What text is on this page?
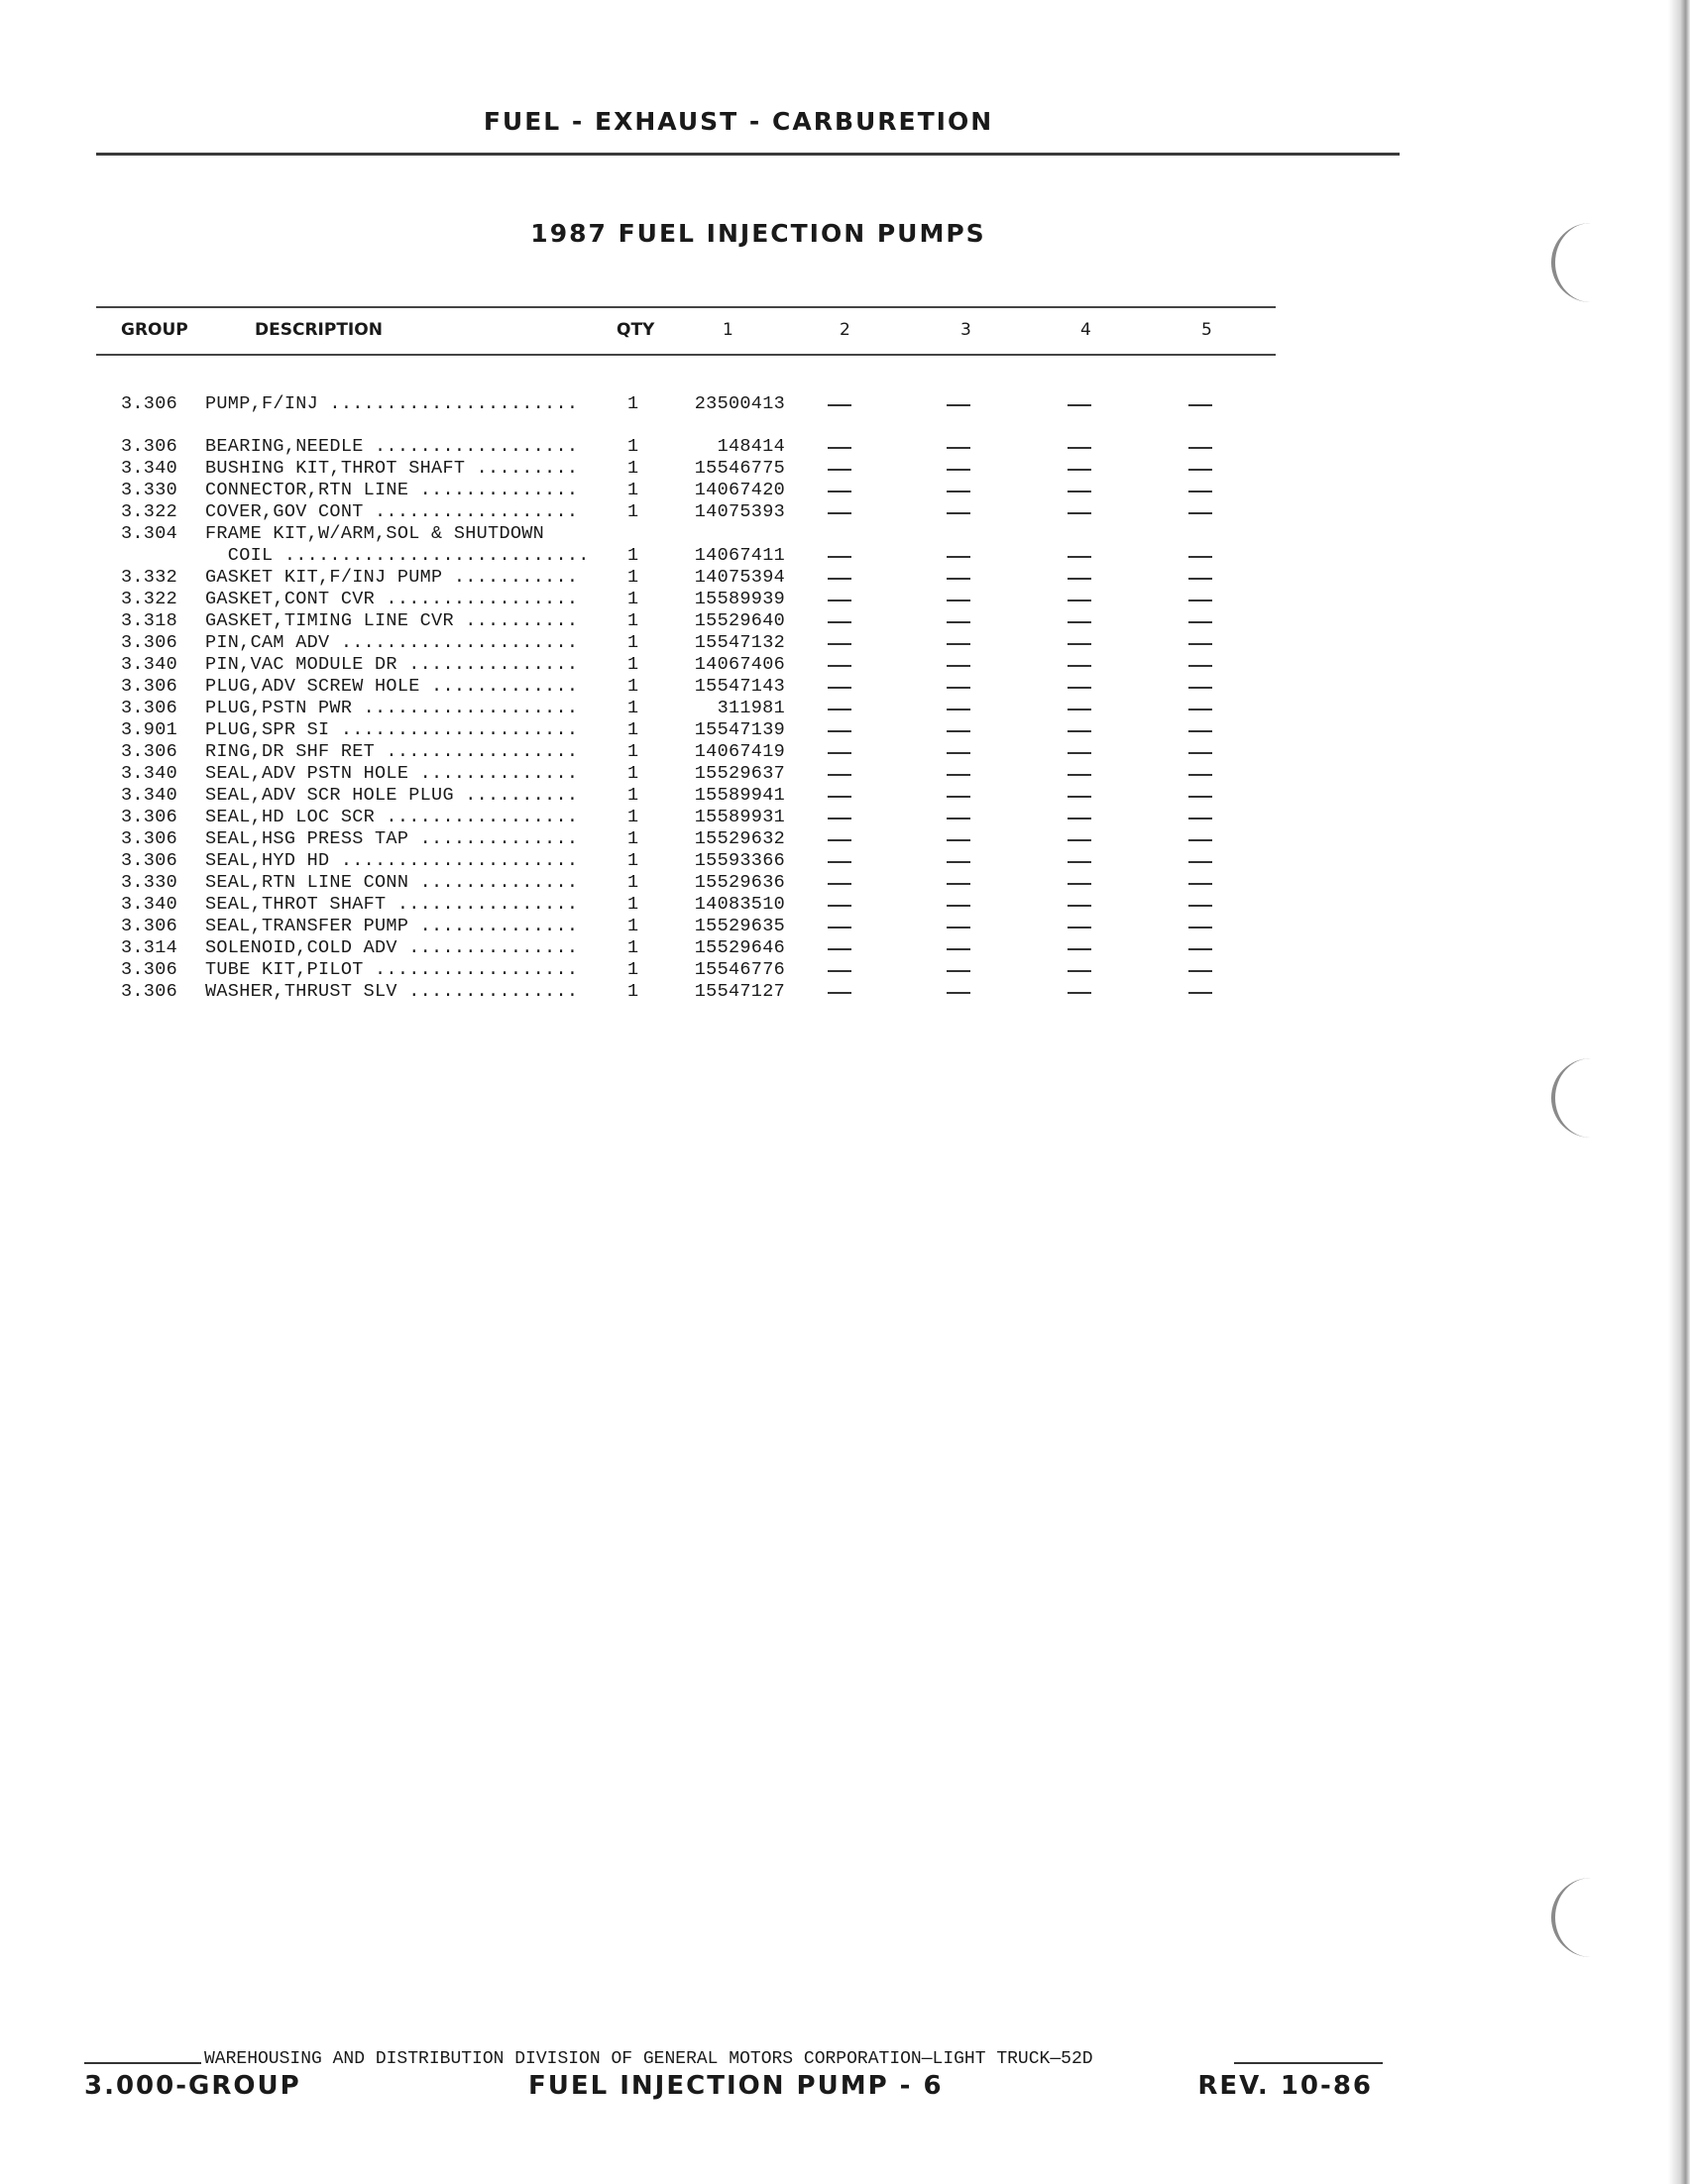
FUEL - EXHAUST - CARBURETION
1987 FUEL INJECTION PUMPS
GROUP	DESCRIPTION	QTY	1	2	3	4	5
3.306 PUMP,F/INJ ......................	1	23500413
3.306 BEARING,NEEDLE ..................	1	148414
3.340 BUSHING KIT,THROT SHAFT .........	1	15546775
3.330 CONNECTOR,RTN LINE ..............	1	14067420
3.322 COVER,GOV CONT ..................	1	14075393
3.304 FRAME KIT,W/ARM,SOL & SHUTDOWN
COIL ........................... 1	14067411
3.332 GASKET KIT,F/INJ PUMP ...........	1	14075394
3.322 GASKET,CONT CVR .................	1	15589939
3.318 GASKET,TIMING LINE CVR ..........	1	15529640
3.306 PIN,CAM ADV .....................	1	15547132
3.340 PIN,VAC MODULE DR ...............	1	14067406
3.306 PLUG,ADV SCREW HOLE .............	1	15547143
3.306 PLUG,PSTN PWR ...................	1	311981
3.901 PLUG,SPR SI .....................	1	15547139
3.306 RING,DR SHF RET .................	1	14067419
3.340 SEAL,ADV PSTN HOLE ..............	1	15529637
3.340 SEAL,ADV SCR HOLE PLUG ..........	1	15589941
3.306 SEAL,HD LOC SCR .................	1	15589931
3.306 SEAL,HSG PRESS TAP ..............	1	15529632
3.306 SEAL,HYD HD .....................	1	15593366
3.330 SEAL,RTN LINE CONN ..............	1	15529636
3.340 SEAL,THROT SHAFT ................	1	14083510
3.306 SEAL,TRANSFER PUMP ..............	1	15529635
3.314 SOLENOID,COLD ADV ...............	1	15529646
3.306 TUBE KIT,PILOT ..................	1	15546776
3.306 WASHER,THRUST SLV ...............	1	15547127
WAREHOUSING AND DISTRIBUTION DIVISION OF GENERAL MOTORS CORPORATION—LIGHT TRUCK—52D
3.000-GROUP	FUEL INJECTION PUMP - 6	REV. 10-86
